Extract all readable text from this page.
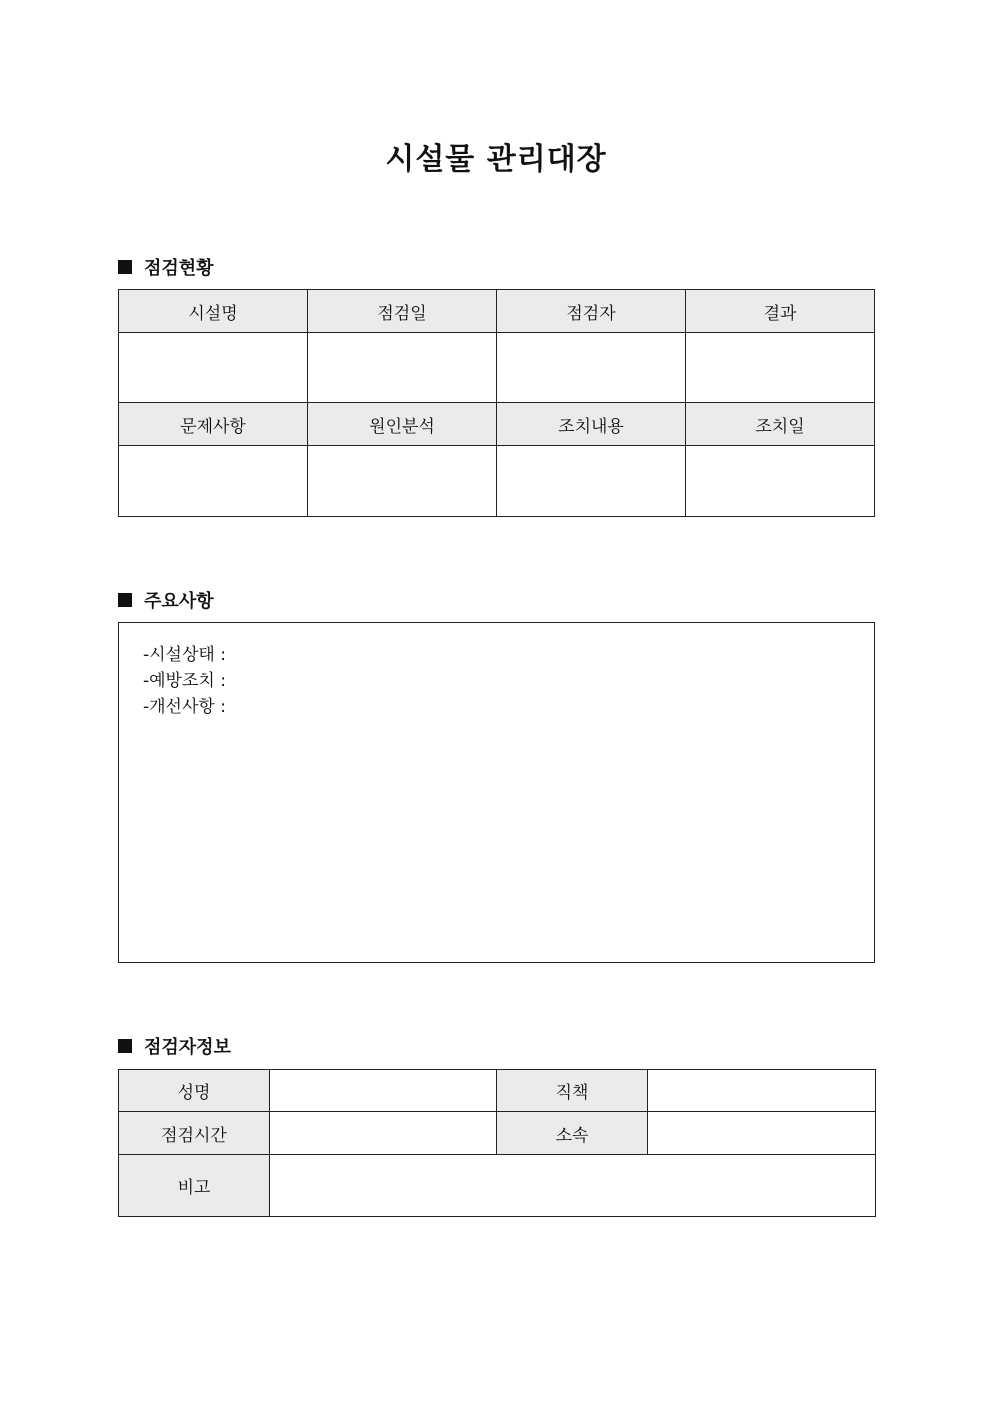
시설물 관리대장
점검현황
시설명	점검일	점검자	결과

문제사항	원인분석	조치내용	조치일

주요사항
-시설상태 :
-예방조치 :
-개선사항 :
점검자정보
성명		직책	
점검시간		소속	
비고			
